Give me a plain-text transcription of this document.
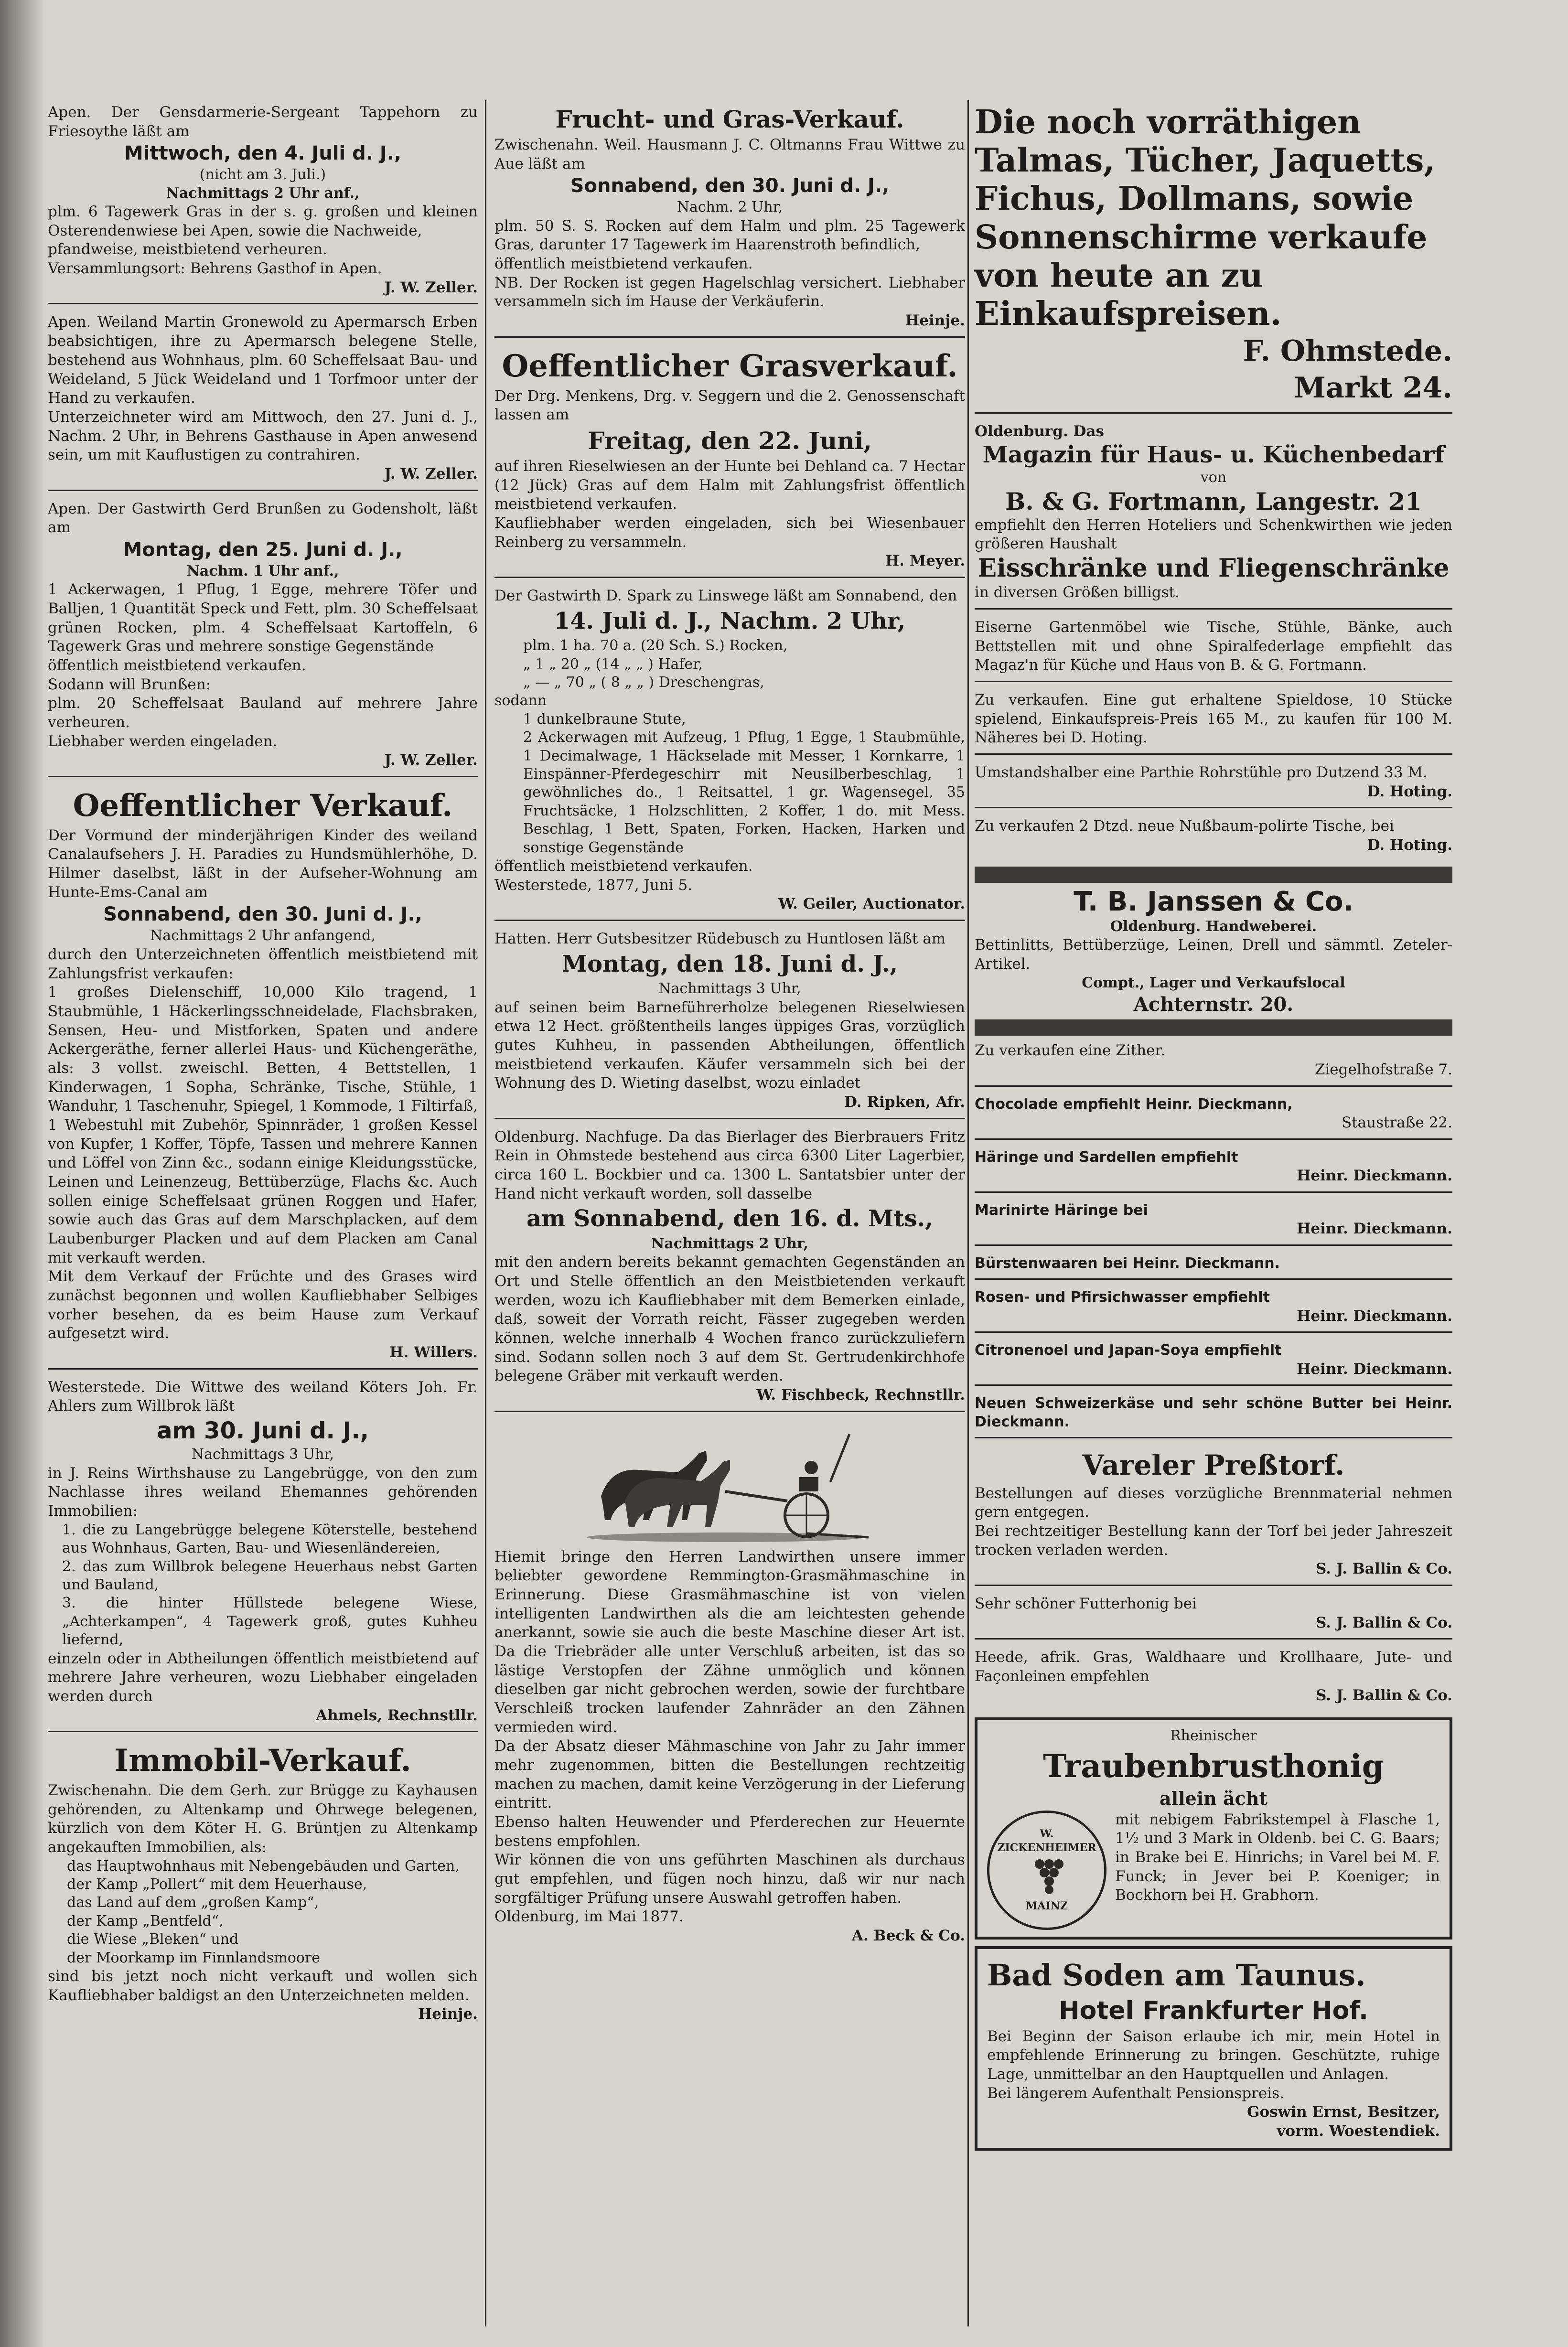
Apen. Der Gensdarmerie-Sergeant Tappehorn zu Friesoythe läßt am

Mittwoch, den 4. Juli d. J.,

(nicht am 3. Juli.)

Nachmittags 2 Uhr anf.,

plm. 6 Tagewerk Gras in der s. g. großen und kleinen Osterendenwiese bei Apen, sowie die Nachweide,

pfandweise, meistbietend verheuren.

Versammlungsort: Behrens Gasthof in Apen.

J. W. Zeller.

Apen. Weiland Martin Gronewold zu Apermarsch Erben beabsichtigen, ihre zu Apermarsch belegene Stelle, bestehend aus Wohnhaus, plm. 60 Scheffelsaat Bau- und Weideland, 5 Jück Weideland und 1 Torfmoor unter der Hand zu verkaufen.

Unterzeichneter wird am Mittwoch, den 27. Juni d. J., Nachm. 2 Uhr, in Behrens Gasthause in Apen anwesend sein, um mit Kauflustigen zu contrahiren.

J. W. Zeller.

Apen. Der Gastwirth Gerd Brunßen zu Godensholt, läßt am

Montag, den 25. Juni d. J.,

Nachm. 1 Uhr anf.,

1 Ackerwagen, 1 Pflug, 1 Egge, mehrere Töfer und Balljen, 1 Quantität Speck und Fett, plm. 30 Scheffelsaat grünen Rocken, plm. 4 Scheffelsaat Kartoffeln, 6 Tagewerk Gras und mehrere sonstige Gegenstände

öffentlich meistbietend verkaufen.

Sodann will Brunßen:

plm. 20 Scheffelsaat Bauland auf mehrere Jahre verheuren.

Liebhaber werden eingeladen.

J. W. Zeller.

Oeffentlicher Verkauf.

Der Vormund der minderjährigen Kinder des weiland Canalaufsehers J. H. Paradies zu Hundsmühlerhöhe, D. Hilmer daselbst, läßt in der Aufseher-Wohnung am Hunte-Ems-Canal am

Sonnabend, den 30. Juni d. J.,

Nachmittags 2 Uhr anfangend,

durch den Unterzeichneten öffentlich meistbietend mit Zahlungsfrist verkaufen:

1 großes Dielenschiff, 10,000 Kilo tragend, 1 Staubmühle, 1 Häckerlingsschneidelade, Flachsbraken, Sensen, Heu- und Mistforken, Spaten und andere Ackergeräthe, ferner allerlei Haus- und Küchengeräthe, als: 3 vollst. zweischl. Betten, 4 Bettstellen, 1 Kinderwagen, 1 Sopha, Schränke, Tische, Stühle, 1 Wanduhr, 1 Taschenuhr, Spiegel, 1 Kommode, 1 Filtirfaß, 1 Webestuhl mit Zubehör, Spinnräder, 1 großen Kessel von Kupfer, 1 Koffer, Töpfe, Tassen und mehrere Kannen und Löffel von Zinn &c., sodann einige Kleidungsstücke, Leinen und Leinenzeug, Bettüberzüge, Flachs &c. Auch sollen einige Scheffelsaat grünen Roggen und Hafer, sowie auch das Gras auf dem Marschplacken, auf dem Laubenburger Placken und auf dem Placken am Canal mit verkauft werden.

Mit dem Verkauf der Früchte und des Grases wird zunächst begonnen und wollen Kaufliebhaber Selbiges vorher besehen, da es beim Hause zum Verkauf aufgesetzt wird.

H. Willers.

Westerstede. Die Wittwe des weiland Köters Joh. Fr. Ahlers zum Willbrok läßt

am 30. Juni d. J.,

Nachmittags 3 Uhr,

in J. Reins Wirthshause zu Langebrügge, von den zum Nachlasse ihres weiland Ehemannes gehörenden Immobilien:

1. die zu Langebrügge belegene Köterstelle, bestehend aus Wohnhaus, Garten, Bau- und Wiesenländereien,

2. das zum Willbrok belegene Heuerhaus nebst Garten und Bauland,

3. die hinter Hüllstede belegene Wiese, „Achterkampen“, 4 Tagewerk groß, gutes Kuhheu liefernd,

einzeln oder in Abtheilungen öffentlich meistbietend auf mehrere Jahre verheuren, wozu Liebhaber eingeladen werden durch

Ahmels, Rechnstllr.

Immobil-Verkauf.

Zwischenahn. Die dem Gerh. zur Brügge zu Kayhausen gehörenden, zu Altenkamp und Ohrwege belegenen, kürzlich von dem Köter H. G. Brüntjen zu Altenkamp angekauften Immobilien, als:

das Hauptwohnhaus mit Nebengebäuden und Garten,

der Kamp „Pollert“ mit dem Heuerhause,

das Land auf dem „großen Kamp“,

der Kamp „Bentfeld“,

die Wiese „Bleken“ und

der Moorkamp im Finnlandsmoore

sind bis jetzt noch nicht verkauft und wollen sich Kaufliebhaber baldigst an den Unterzeichneten melden.

Heinje.

Frucht- und Gras-Verkauf.

Zwischenahn. Weil. Hausmann J. C. Oltmanns Frau Wittwe zu Aue läßt am

Sonnabend, den 30. Juni d. J.,

Nachm. 2 Uhr,

plm. 50 S. S. Rocken auf dem Halm und plm. 25 Tagewerk Gras, darunter 17 Tagewerk im Haarenstroth befindlich,

öffentlich meistbietend verkaufen.

NB. Der Rocken ist gegen Hagelschlag versichert. Liebhaber versammeln sich im Hause der Verkäuferin.

Heinje.

Oeffentlicher Grasverkauf.

Der Drg. Menkens, Drg. v. Seggern und die 2. Genossenschaft lassen am

Freitag, den 22. Juni,

auf ihren Rieselwiesen an der Hunte bei Dehland ca. 7 Hectar (12 Jück) Gras auf dem Halm mit Zahlungsfrist öffentlich meistbietend verkaufen.

Kaufliebhaber werden eingeladen, sich bei Wiesenbauer Reinberg zu versammeln.

H. Meyer.

Der Gastwirth D. Spark zu Linswege läßt am Sonnabend, den

14. Juli d. J., Nachm. 2 Uhr,

plm. 1 ha. 70 a. (20 Sch. S.) Rocken,

„ 1 „ 20 „ (14 „ „ ) Hafer,

„ — „ 70 „ ( 8 „ „ ) Dreschengras,

sodann

1 dunkelbraune Stute,

2 Ackerwagen mit Aufzeug, 1 Pflug, 1 Egge, 1 Staubmühle, 1 Decimalwage, 1 Häckselade mit Messer, 1 Kornkarre, 1 Einspänner-Pferdegeschirr mit Neusilberbeschlag, 1 gewöhnliches do., 1 Reitsattel, 1 gr. Wagensegel, 35 Fruchtsäcke, 1 Holzschlitten, 2 Koffer, 1 do. mit Mess. Beschlag, 1 Bett, Spaten, Forken, Hacken, Harken und sonstige Gegenstände

öffentlich meistbietend verkaufen.

Westerstede, 1877, Juni 5.

W. Geiler, Auctionator.

Hatten. Herr Gutsbesitzer Rüdebusch zu Huntlosen läßt am

Montag, den 18. Juni d. J.,

Nachmittags 3 Uhr,

auf seinen beim Barneführerholze belegenen Rieselwiesen etwa 12 Hect. größtentheils langes üppiges Gras, vorzüglich gutes Kuhheu, in passenden Abtheilungen, öffentlich meistbietend verkaufen. Käufer versammeln sich bei der Wohnung des D. Wieting daselbst, wozu einladet

D. Ripken, Afr.

Oldenburg. Nachfuge. Da das Bierlager des Bierbrauers Fritz Rein in Ohmstede bestehend aus circa 6300 Liter Lagerbier, circa 160 L. Bockbier und ca. 1300 L. Santatsbier unter der Hand nicht verkauft worden, soll dasselbe

am Sonnabend, den 16. d. Mts.,

Nachmittags 2 Uhr,

mit den andern bereits bekannt gemachten Gegenständen an Ort und Stelle öffentlich an den Meistbietenden verkauft werden, wozu ich Kaufliebhaber mit dem Bemerken einlade, daß, soweit der Vorrath reicht, Fässer zugegeben werden können, welche innerhalb 4 Wochen franco zurückzuliefern sind. Sodann sollen noch 3 auf dem St. Gertrudenkirchhofe belegene Gräber mit verkauft werden.

W. Fischbeck, Rechnstllr.

Hiemit bringe den Herren Landwirthen unsere immer beliebter gewordene Remmington-Grasmähmaschine in Erinnerung. Diese Grasmähmaschine ist von vielen intelligenten Landwirthen als die am leichtesten gehende anerkannt, sowie sie auch die beste Maschine dieser Art ist. Da die Triebräder alle unter Verschluß arbeiten, ist das so lästige Verstopfen der Zähne unmöglich und können dieselben gar nicht gebrochen werden, sowie der furchtbare Verschleiß trocken laufender Zahnräder an den Zähnen vermieden wird.

Da der Absatz dieser Mähmaschine von Jahr zu Jahr immer mehr zugenommen, bitten die Bestellungen rechtzeitig machen zu machen, damit keine Verzögerung in der Lieferung eintritt.

Ebenso halten Heuwender und Pferderechen zur Heuernte bestens empfohlen.

Wir können die von uns geführten Maschinen als durchaus gut empfehlen, und fügen noch hinzu, daß wir nur nach sorgfältiger Prüfung unsere Auswahl getroffen haben.

Oldenburg, im Mai 1877.

A. Beck & Co.

Die noch vorräthigen Talmas, Tücher, Jaquetts, Fichus, Dollmans, sowie Sonnenschirme verkaufe von heute an zu Einkaufspreisen.

F. Ohmstede.

Markt 24.

Oldenburg. Das

Magazin für Haus- u. Küchenbedarf

von

B. & G. Fortmann, Langestr. 21

empfiehlt den Herren Hoteliers und Schenkwirthen wie jeden größeren Haushalt

Eisschränke und Fliegenschränke

in diversen Größen billigst.

Eiserne Gartenmöbel wie Tische, Stühle, Bänke, auch Bettstellen mit und ohne Spiralfederlage empfiehlt das Magaz'n für Küche und Haus von B. & G. Fortmann.

Zu verkaufen. Eine gut erhaltene Spieldose, 10 Stücke spielend, Einkaufspreis-Preis 165 M., zu kaufen für 100 M. Näheres bei D. Hoting.

Umstandshalber eine Parthie Rohrstühle pro Dutzend 33 M.

D. Hoting.

Zu verkaufen 2 Dtzd. neue Nußbaum-polirte Tische, bei

D. Hoting.

T. B. Janssen & Co.

Oldenburg. Handweberei.

Bettinlitts, Bettüberzüge, Leinen, Drell und sämmtl. Zeteler-Artikel.

Compt., Lager und Verkaufslocal

Achternstr. 20.

Zu verkaufen eine Zither.

Ziegelhofstraße 7.

Chocolade empfiehlt Heinr. Dieckmann,

Staustraße 22.

Häringe und Sardellen empfiehlt

Heinr. Dieckmann.

Marinirte Häringe bei

Heinr. Dieckmann.

Bürstenwaaren bei Heinr. Dieckmann.

Rosen- und Pfirsichwasser empfiehlt

Heinr. Dieckmann.

Citronenoel und Japan-Soya empfiehlt

Heinr. Dieckmann.

Neuen Schweizerkäse und sehr schöne Butter bei Heinr. Dieckmann.

Vareler Preßtorf.

Bestellungen auf dieses vorzügliche Brennmaterial nehmen gern entgegen.

Bei rechtzeitiger Bestellung kann der Torf bei jeder Jahreszeit trocken verladen werden.

S. J. Ballin & Co.

Sehr schöner Futterhonig bei

S. J. Ballin & Co.

Heede, afrik. Gras, Waldhaare und Krollhaare, Jute- und Façonleinen empfehlen

S. J. Ballin & Co.

Rheinischer

Traubenbrusthonig

allein ächt

W. ZICKENHEIMER

MAINZ

mit nebigem Fabrikstempel à Flasche 1, 1½ und 3 Mark in Oldenb. bei C. G. Baars; in Brake bei E. Hinrichs; in Varel bei M. F. Funck; in Jever bei P. Koeniger; in Bockhorn bei H. Grabhorn.

Bad Soden am Taunus.

Hotel Frankfurter Hof.

Bei Beginn der Saison erlaube ich mir, mein Hotel in empfehlende Erinnerung zu bringen. Geschützte, ruhige Lage, unmittelbar an den Hauptquellen und Anlagen.

Bei längerem Aufenthalt Pensionspreis.

Goswin Ernst, Besitzer,

vorm. Woestendiek.
